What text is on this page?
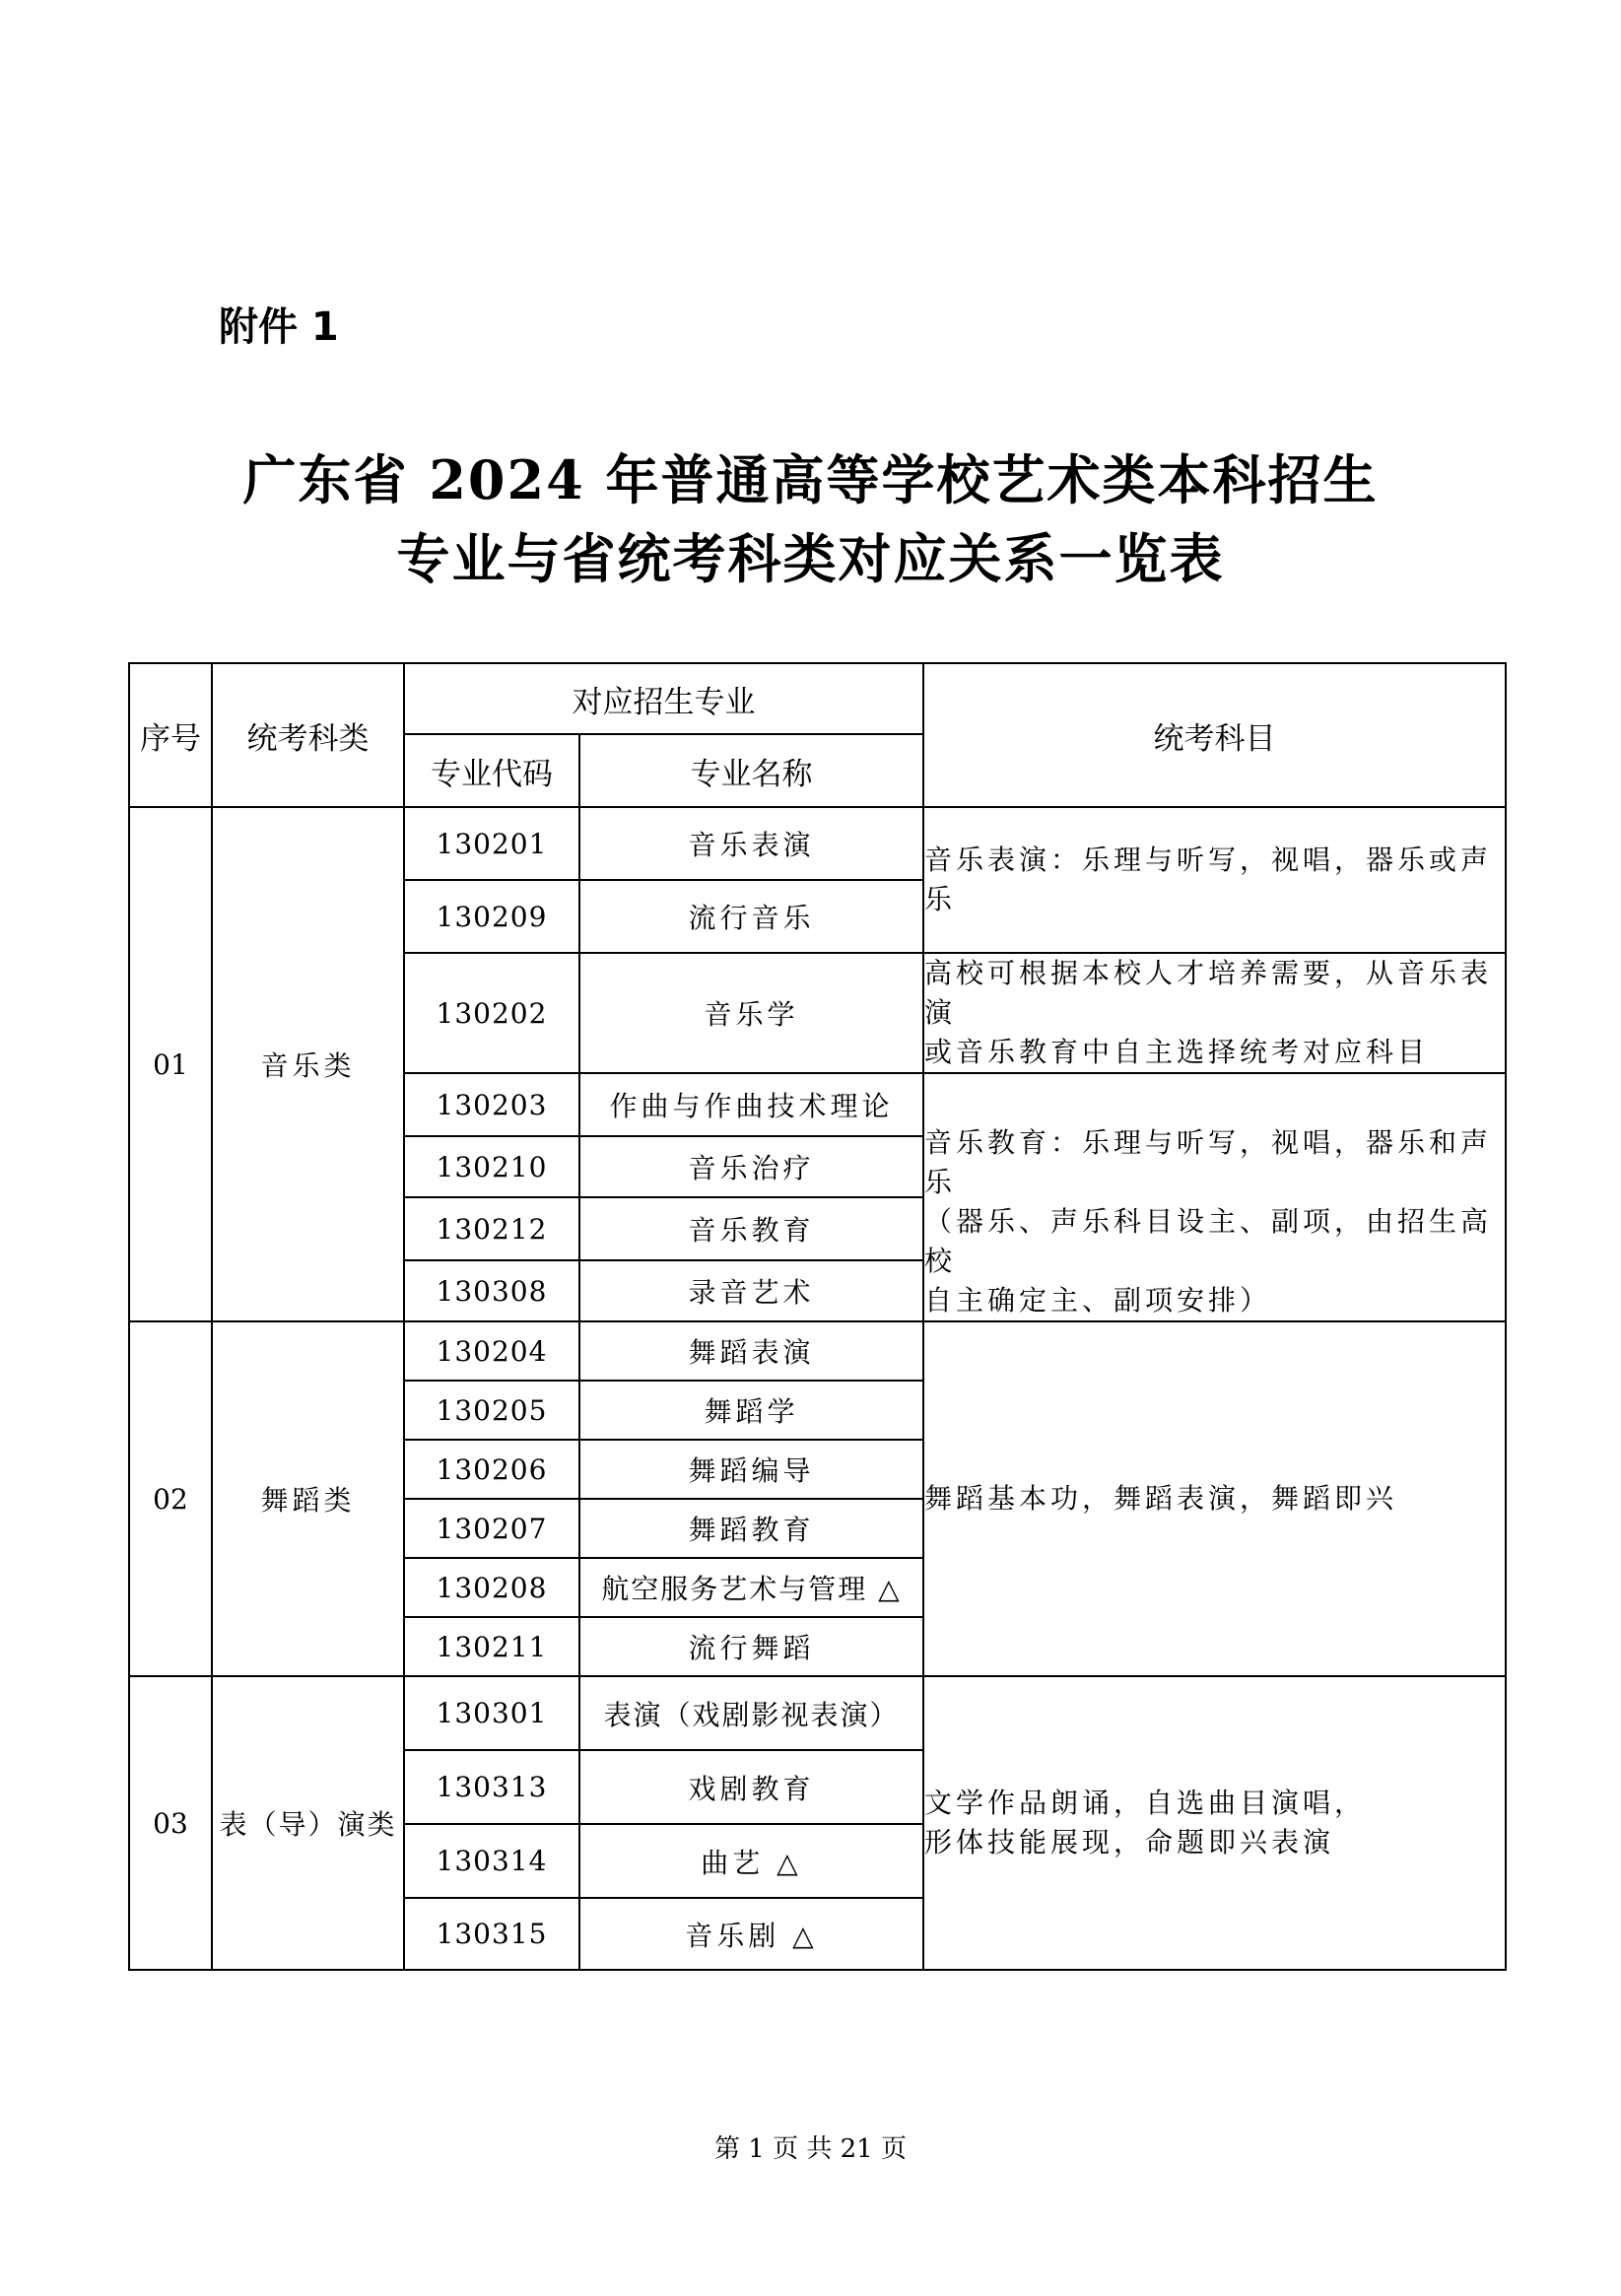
附件 1
广东省 2024 年普通高等学校艺术类本科招生
专业与省统考科类对应关系一览表
序号	统考科类	对应招生专业		统考科目
		专业代码	专业名称	
01	音乐类	130201	音乐表演	音乐表演：乐理与听写，视唱，器乐或声乐

		130209	流行音乐	
		130202	音乐学	高校可根据本校人才培养需要，从音乐表演
或音乐教育中自主选择统考对应科目

		130203	作曲与作曲技术理论	音乐教育：乐理与听写，视唱，器乐和声乐
（器乐、声乐科目设主、副项，由招生高校
自主确定主、副项安排）

		130210	音乐治疗	
		130212	音乐教育	
		130308	录音艺术	
02	舞蹈类	130204	舞蹈表演	舞蹈基本功，舞蹈表演，舞蹈即兴

		130205	舞蹈学	
		130206	舞蹈编导	
		130207	舞蹈教育	
		130208	航空服务艺术与管理 △	
		130211	流行舞蹈	
03	表（导）演类	130301	表演（戏剧影视表演）	文学作品朗诵，自选曲目演唱，
形体技能展现，命题即兴表演

		130313	戏剧教育	
		130314	曲艺 △	
		130315	音乐剧 △	
第 1 页 共 21 页
